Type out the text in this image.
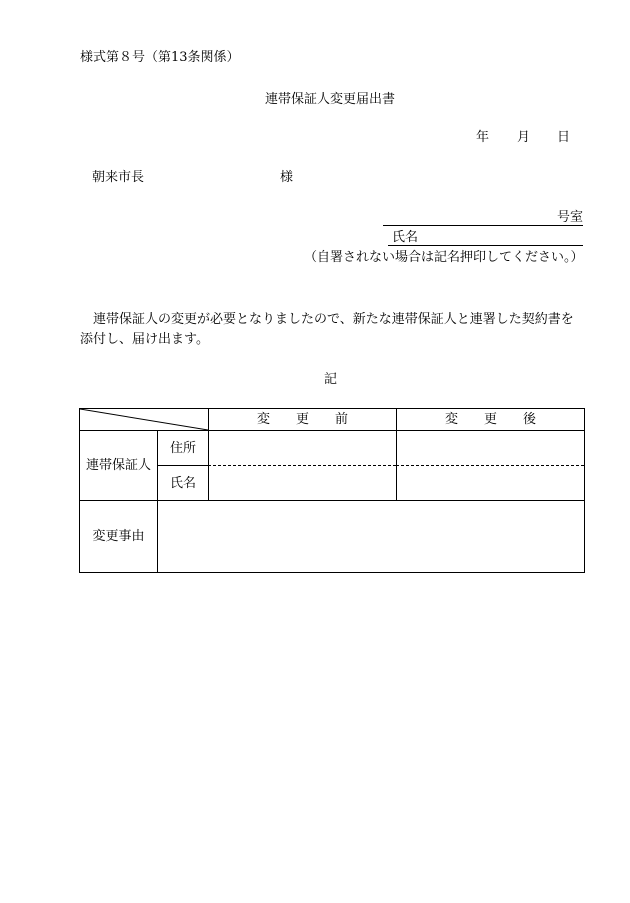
様式第８号（第13条関係）
連帯保証人変更届出書
年 月 日
朝来市長	様
号室
氏名
（自署されない場合は記名押印してください。）
連帯保証人の変更が必要となりましたので、新たな連帯保証人と連署した契約書を
添付し、届け出ます。
記
	変　　更　　前	変　　更　　後
連帯保証人	住所		
	氏名		
変更事由			
